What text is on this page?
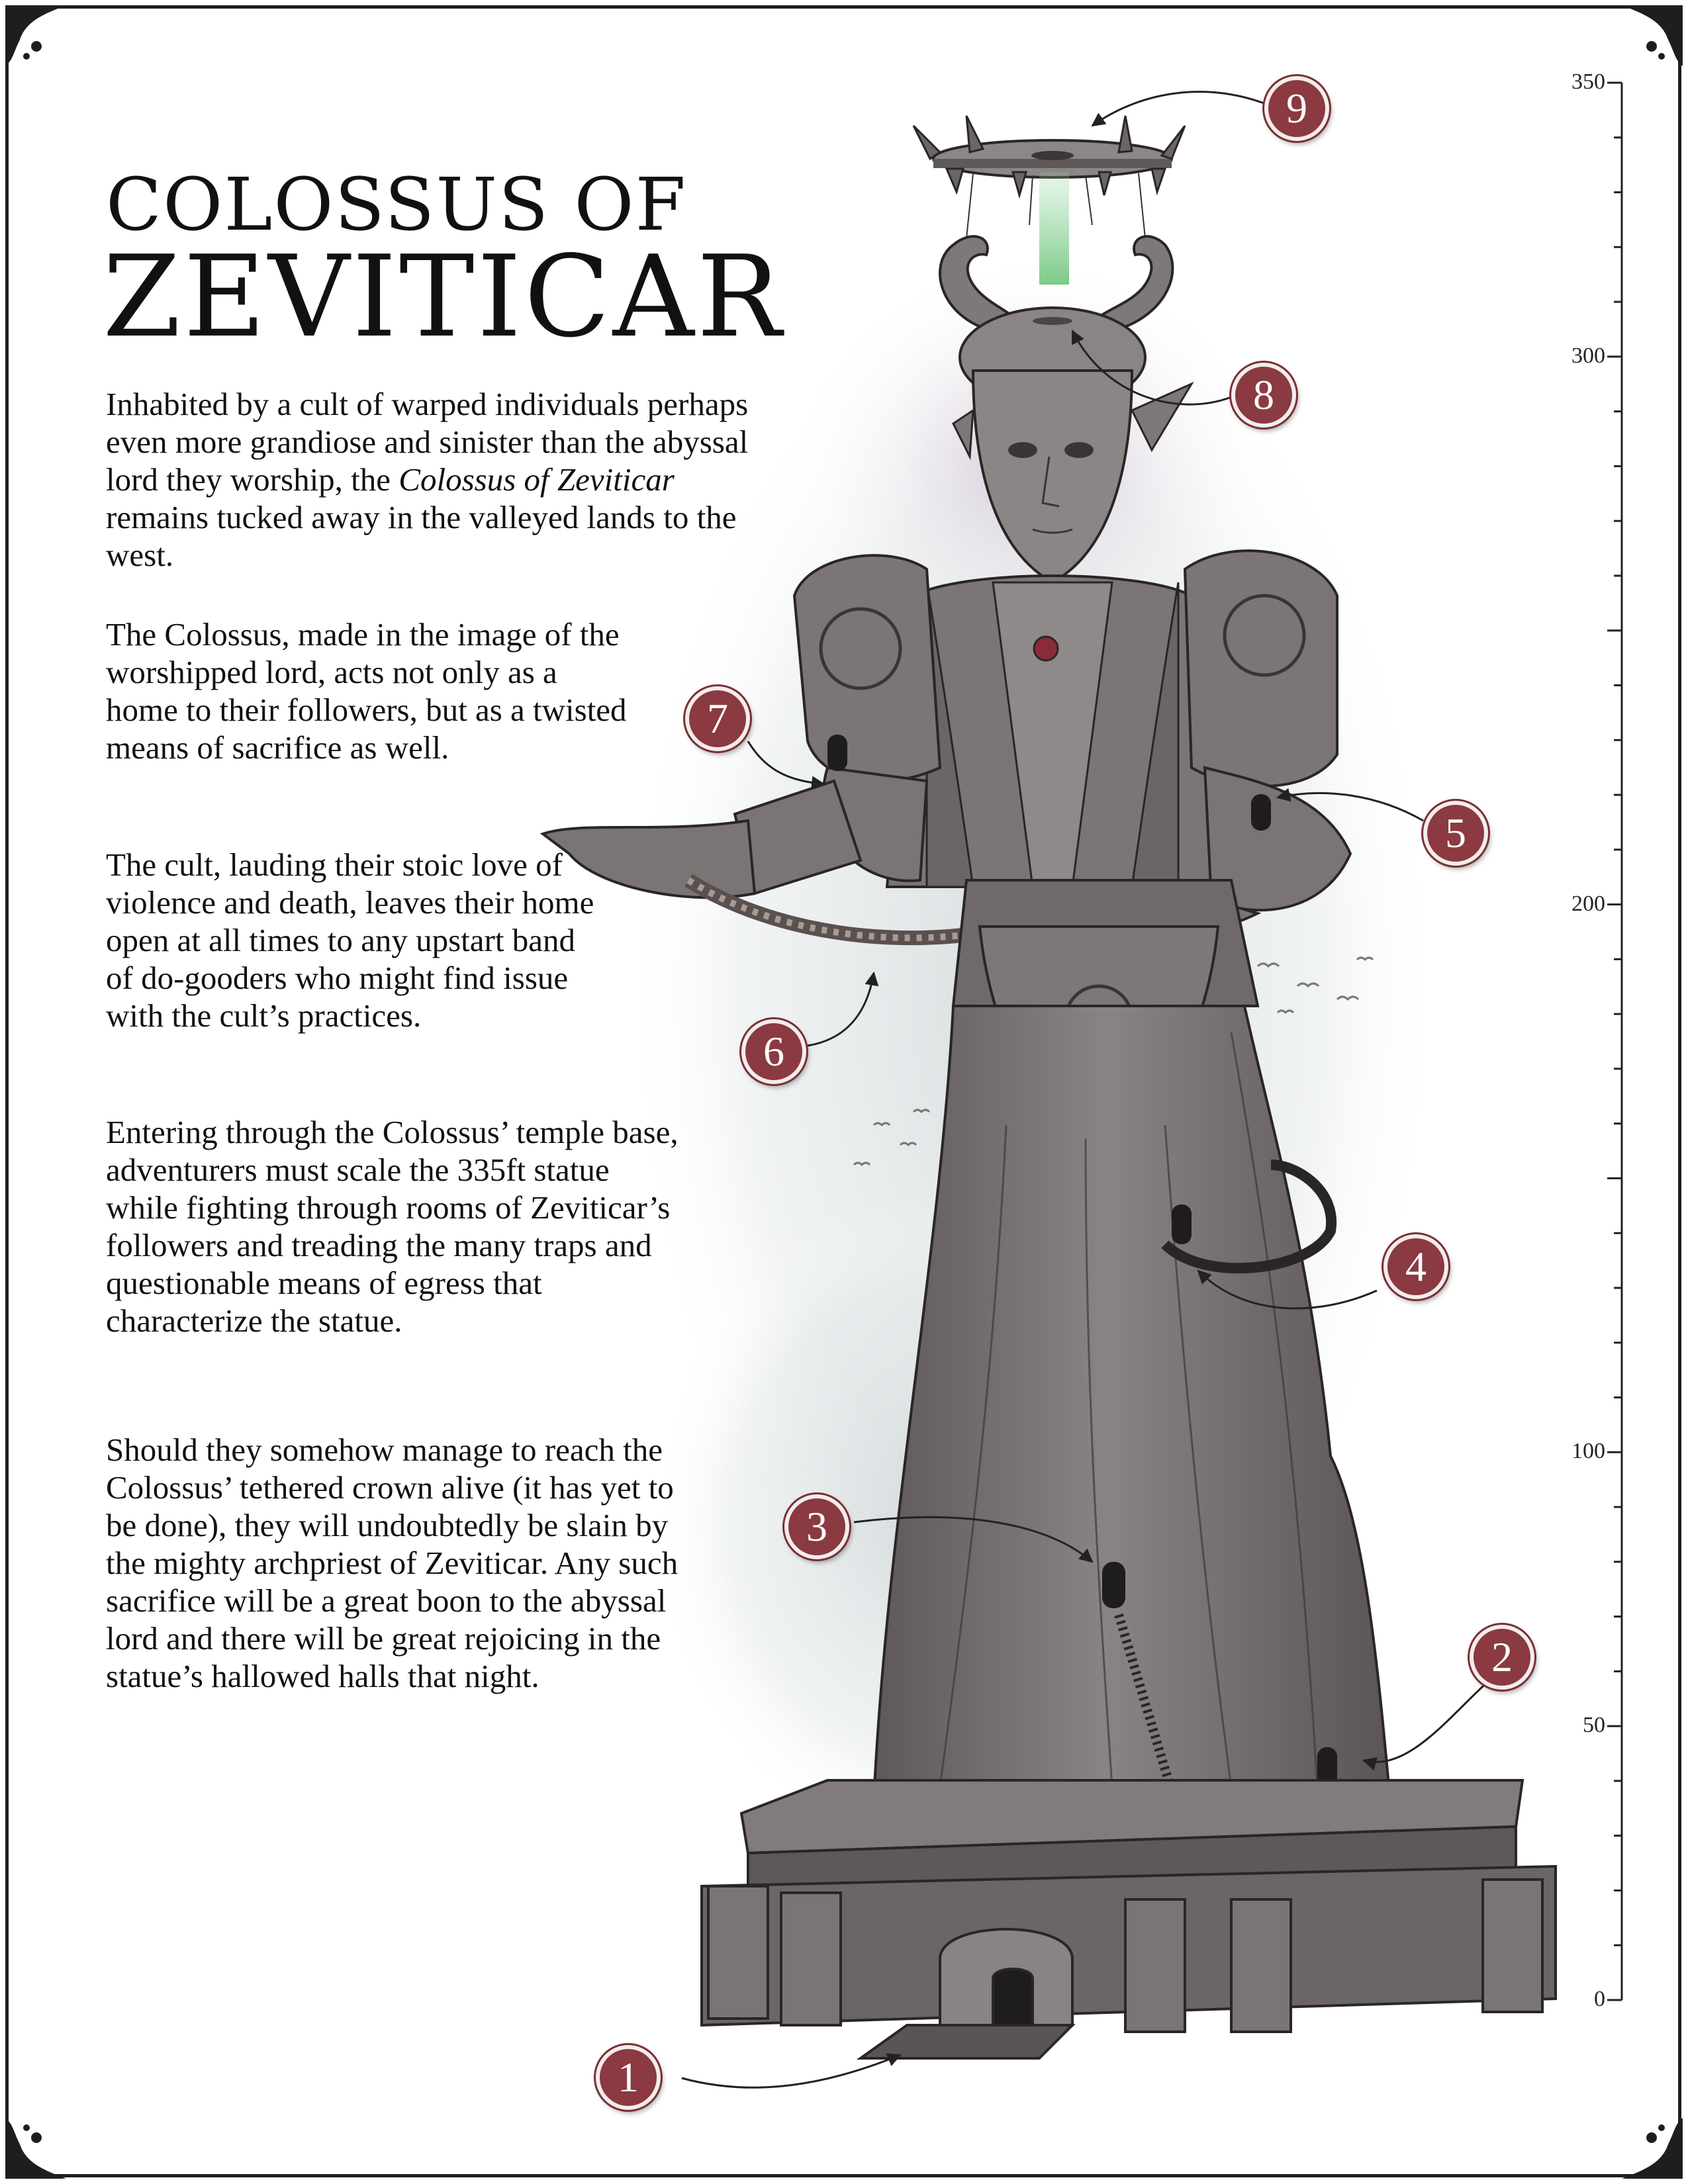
COLOSSUS OF
ZEVITICAR
Inhabited by a cult of warped individuals perhaps even more grandiose and sinister than the abyssal lord they worship, the Colossus of Zeviticar remains tucked away in the valleyed lands to the west.
The Colossus, made in the image of the worshipped lord, acts not only as a home to their followers, but as a twisted means of sacrifice as well.
The cult, lauding their stoic love of violence and death, leaves their home open at all times to any upstart band of do-gooders who might find issue with the cult’s practices.
Entering through the Colossus’ temple base, adventurers must scale the 335ft statue while fighting through rooms of Zeviticar’s followers and treading the many traps and questionable means of egress that characterize the statue.
Should they somehow manage to reach the Colossus’ tethered crown alive (it has yet to be done), they will undoubtedly be slain by the mighty archpriest of Zeviticar. Any such sacrifice will be a great boon to the abyssal lord and there will be great rejoicing in the statue’s hallowed halls that night.
1
2
3
4
5
6
7
8
9
350
300
200
100
50
0
